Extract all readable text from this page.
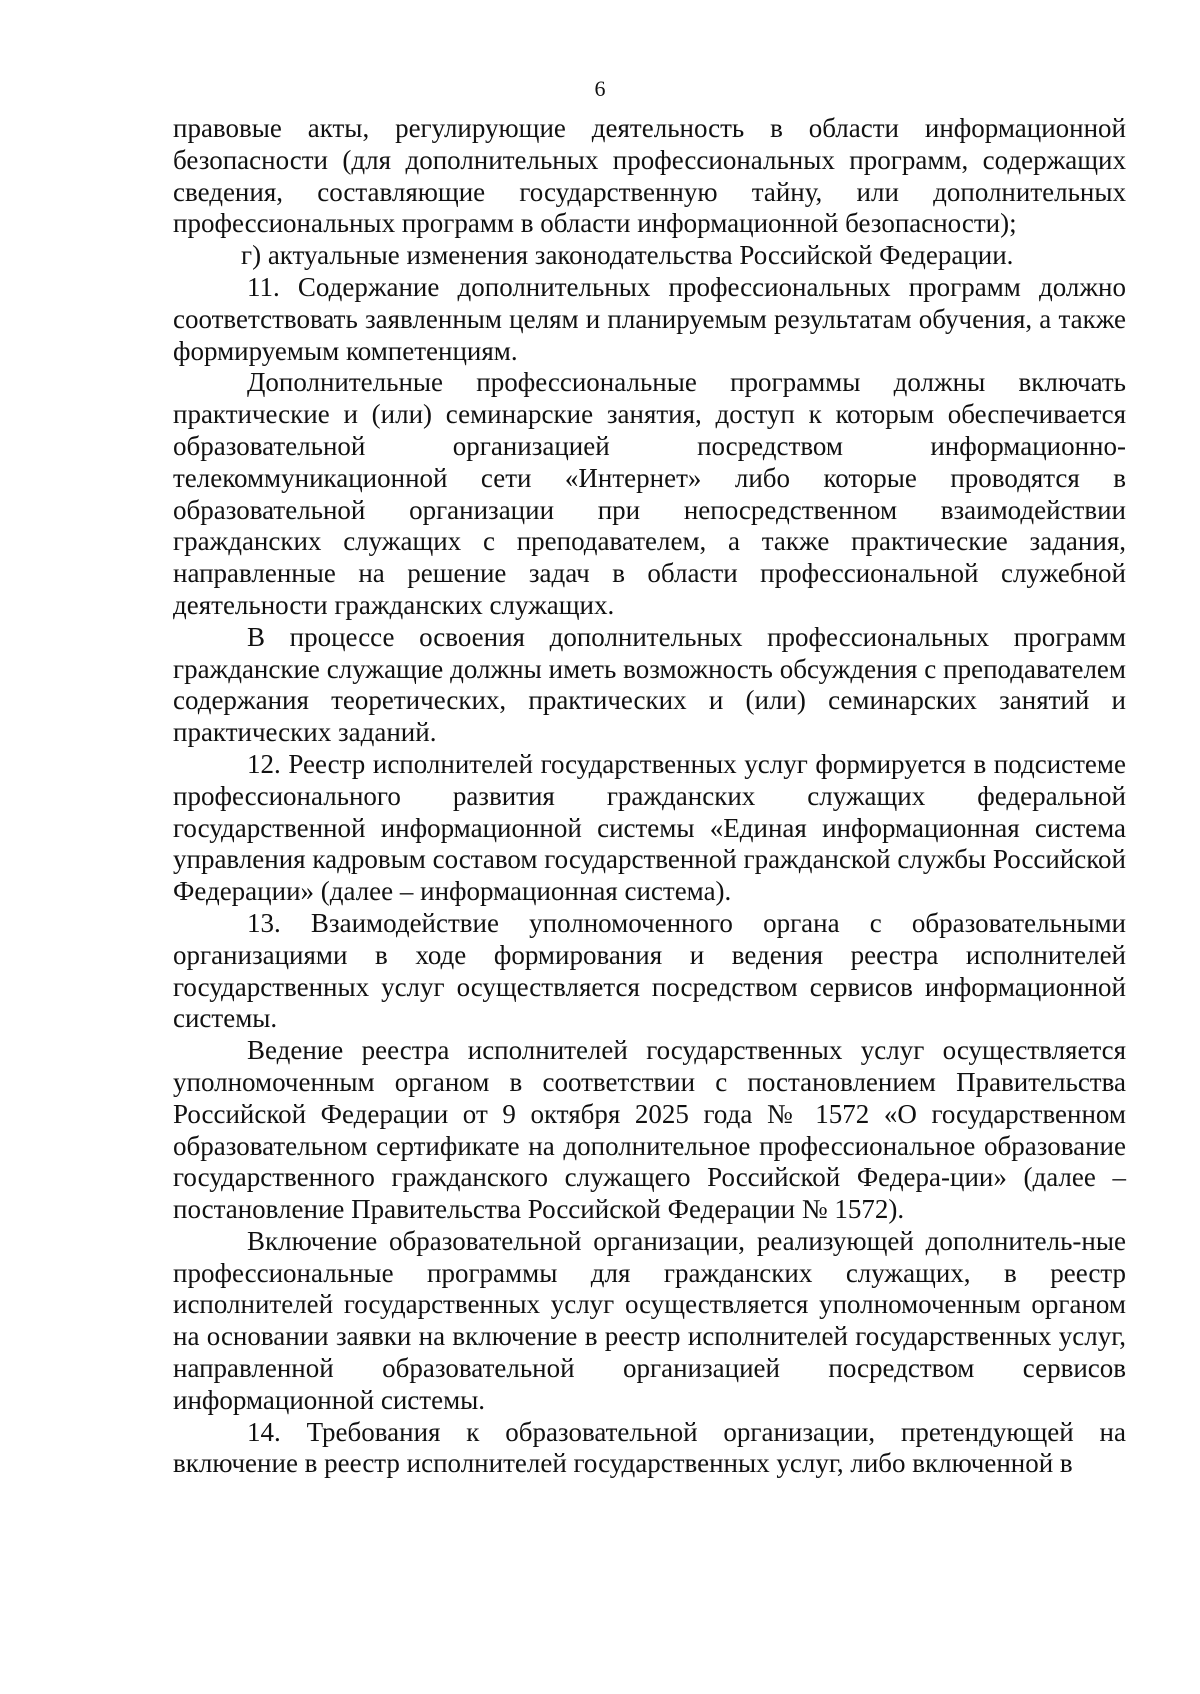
6

правовые акты, регулирующие деятельность в области информационной безопасности (для дополнительных профессиональных программ, содержащих сведения, составляющие государственную тайну, или дополнительных профессиональных программ в области информационной безопасности);

г) актуальные изменения законодательства Российской Федерации.

11. Содержание дополнительных профессиональных программ должно соответствовать заявленным целям и планируемым результатам обучения, а также формируемым компетенциям.

Дополнительные профессиональные программы должны включать практические и (или) семинарские занятия, доступ к которым обеспечивается образовательной организацией посредством информационно-телекоммуникационной сети «Интернет» либо которые проводятся в образовательной организации при непосредственном взаимодействии гражданских служащих с преподавателем, а также практические задания, направленные на решение задач в области профессиональной служебной деятельности гражданских служащих.

В процессе освоения дополнительных профессиональных программ гражданские служащие должны иметь возможность обсуждения с преподавателем содержания теоретических, практических и (или) семинарских занятий и практических заданий.

12. Реестр исполнителей государственных услуг формируется в подсистеме профессионального развития гражданских служащих федеральной государственной информационной системы «Единая информационная система управления кадровым составом государственной гражданской службы Российской Федерации» (далее – информационная система).

13. Взаимодействие уполномоченного органа с образовательными организациями в ходе формирования и ведения реестра исполнителей государственных услуг осуществляется посредством сервисов информационной системы.

Ведение реестра исполнителей государственных услуг осуществляется уполномоченным органом в соответствии с постановлением Правительства Российской Федерации от 9 октября 2025 года № 1572 «О государственном образовательном сертификате на дополнительное профессиональное образование государственного гражданского служащего Российской Федера-ции» (далее – постановление Правительства Российской Федерации № 1572).

Включение образовательной организации, реализующей дополнитель-ные профессиональные программы для гражданских служащих, в реестр исполнителей государственных услуг осуществляется уполномоченным органом на основании заявки на включение в реестр исполнителей государственных услуг, направленной образовательной организацией посредством сервисов информационной системы.

14. Требования к образовательной организации, претендующей на включение в реестр исполнителей государственных услуг, либо включенной в
